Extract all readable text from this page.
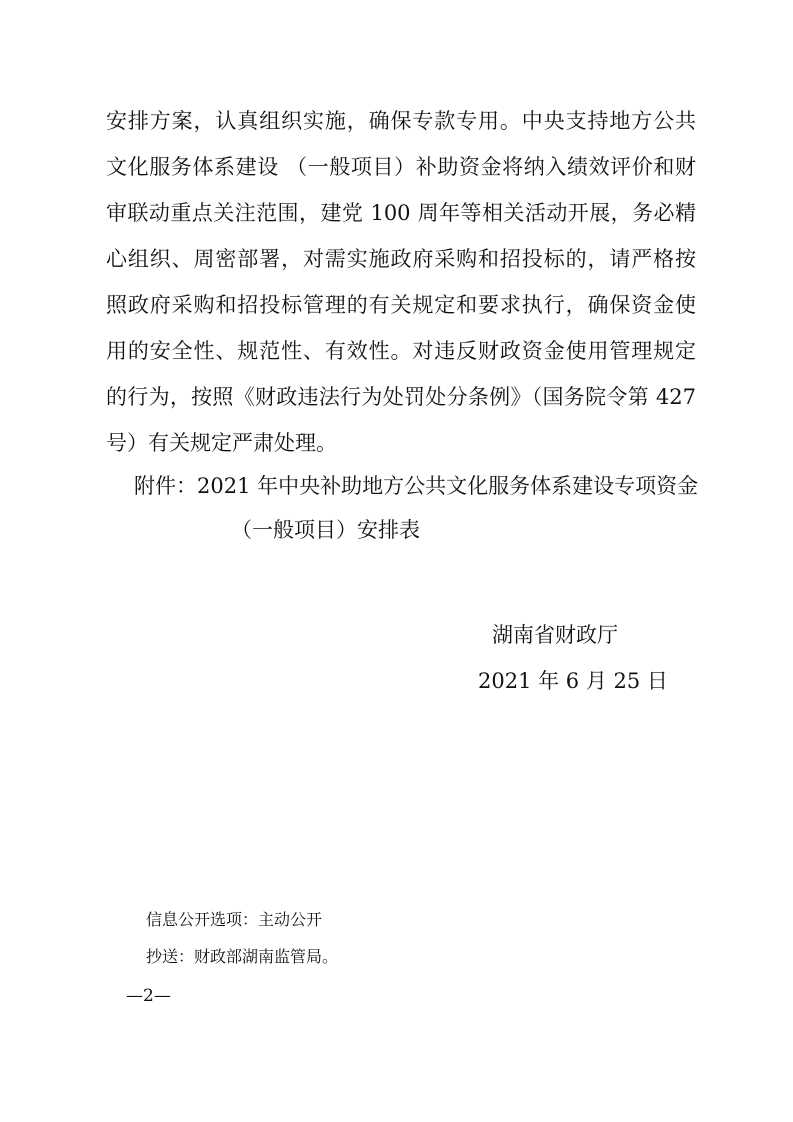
安排方案，认真组织实施，确保专款专用。中央支持地方公共
文化服务体系建设 （一般项目）补助资金将纳入绩效评价和财
审联动重点关注范围，建党 100 周年等相关活动开展，务必精
心组织、周密部署，对需实施政府采购和招投标的，请严格按
照政府采购和招投标管理的有关规定和要求执行，确保资金使
用的安全性、规范性、有效性。对违反财政资金使用管理规定
的行为，按照《财政违法行为处罚处分条例》（国务院令第 427
号）有关规定严肃处理。
附件： 2021 年中央补助地方公共文化服务体系建设专项资金
（一般项目）安排表
湖南省财政厅
2021 年 6 月 25 日
信息公开选项：主动公开
抄送：财政部湖南监管局。
—2—
